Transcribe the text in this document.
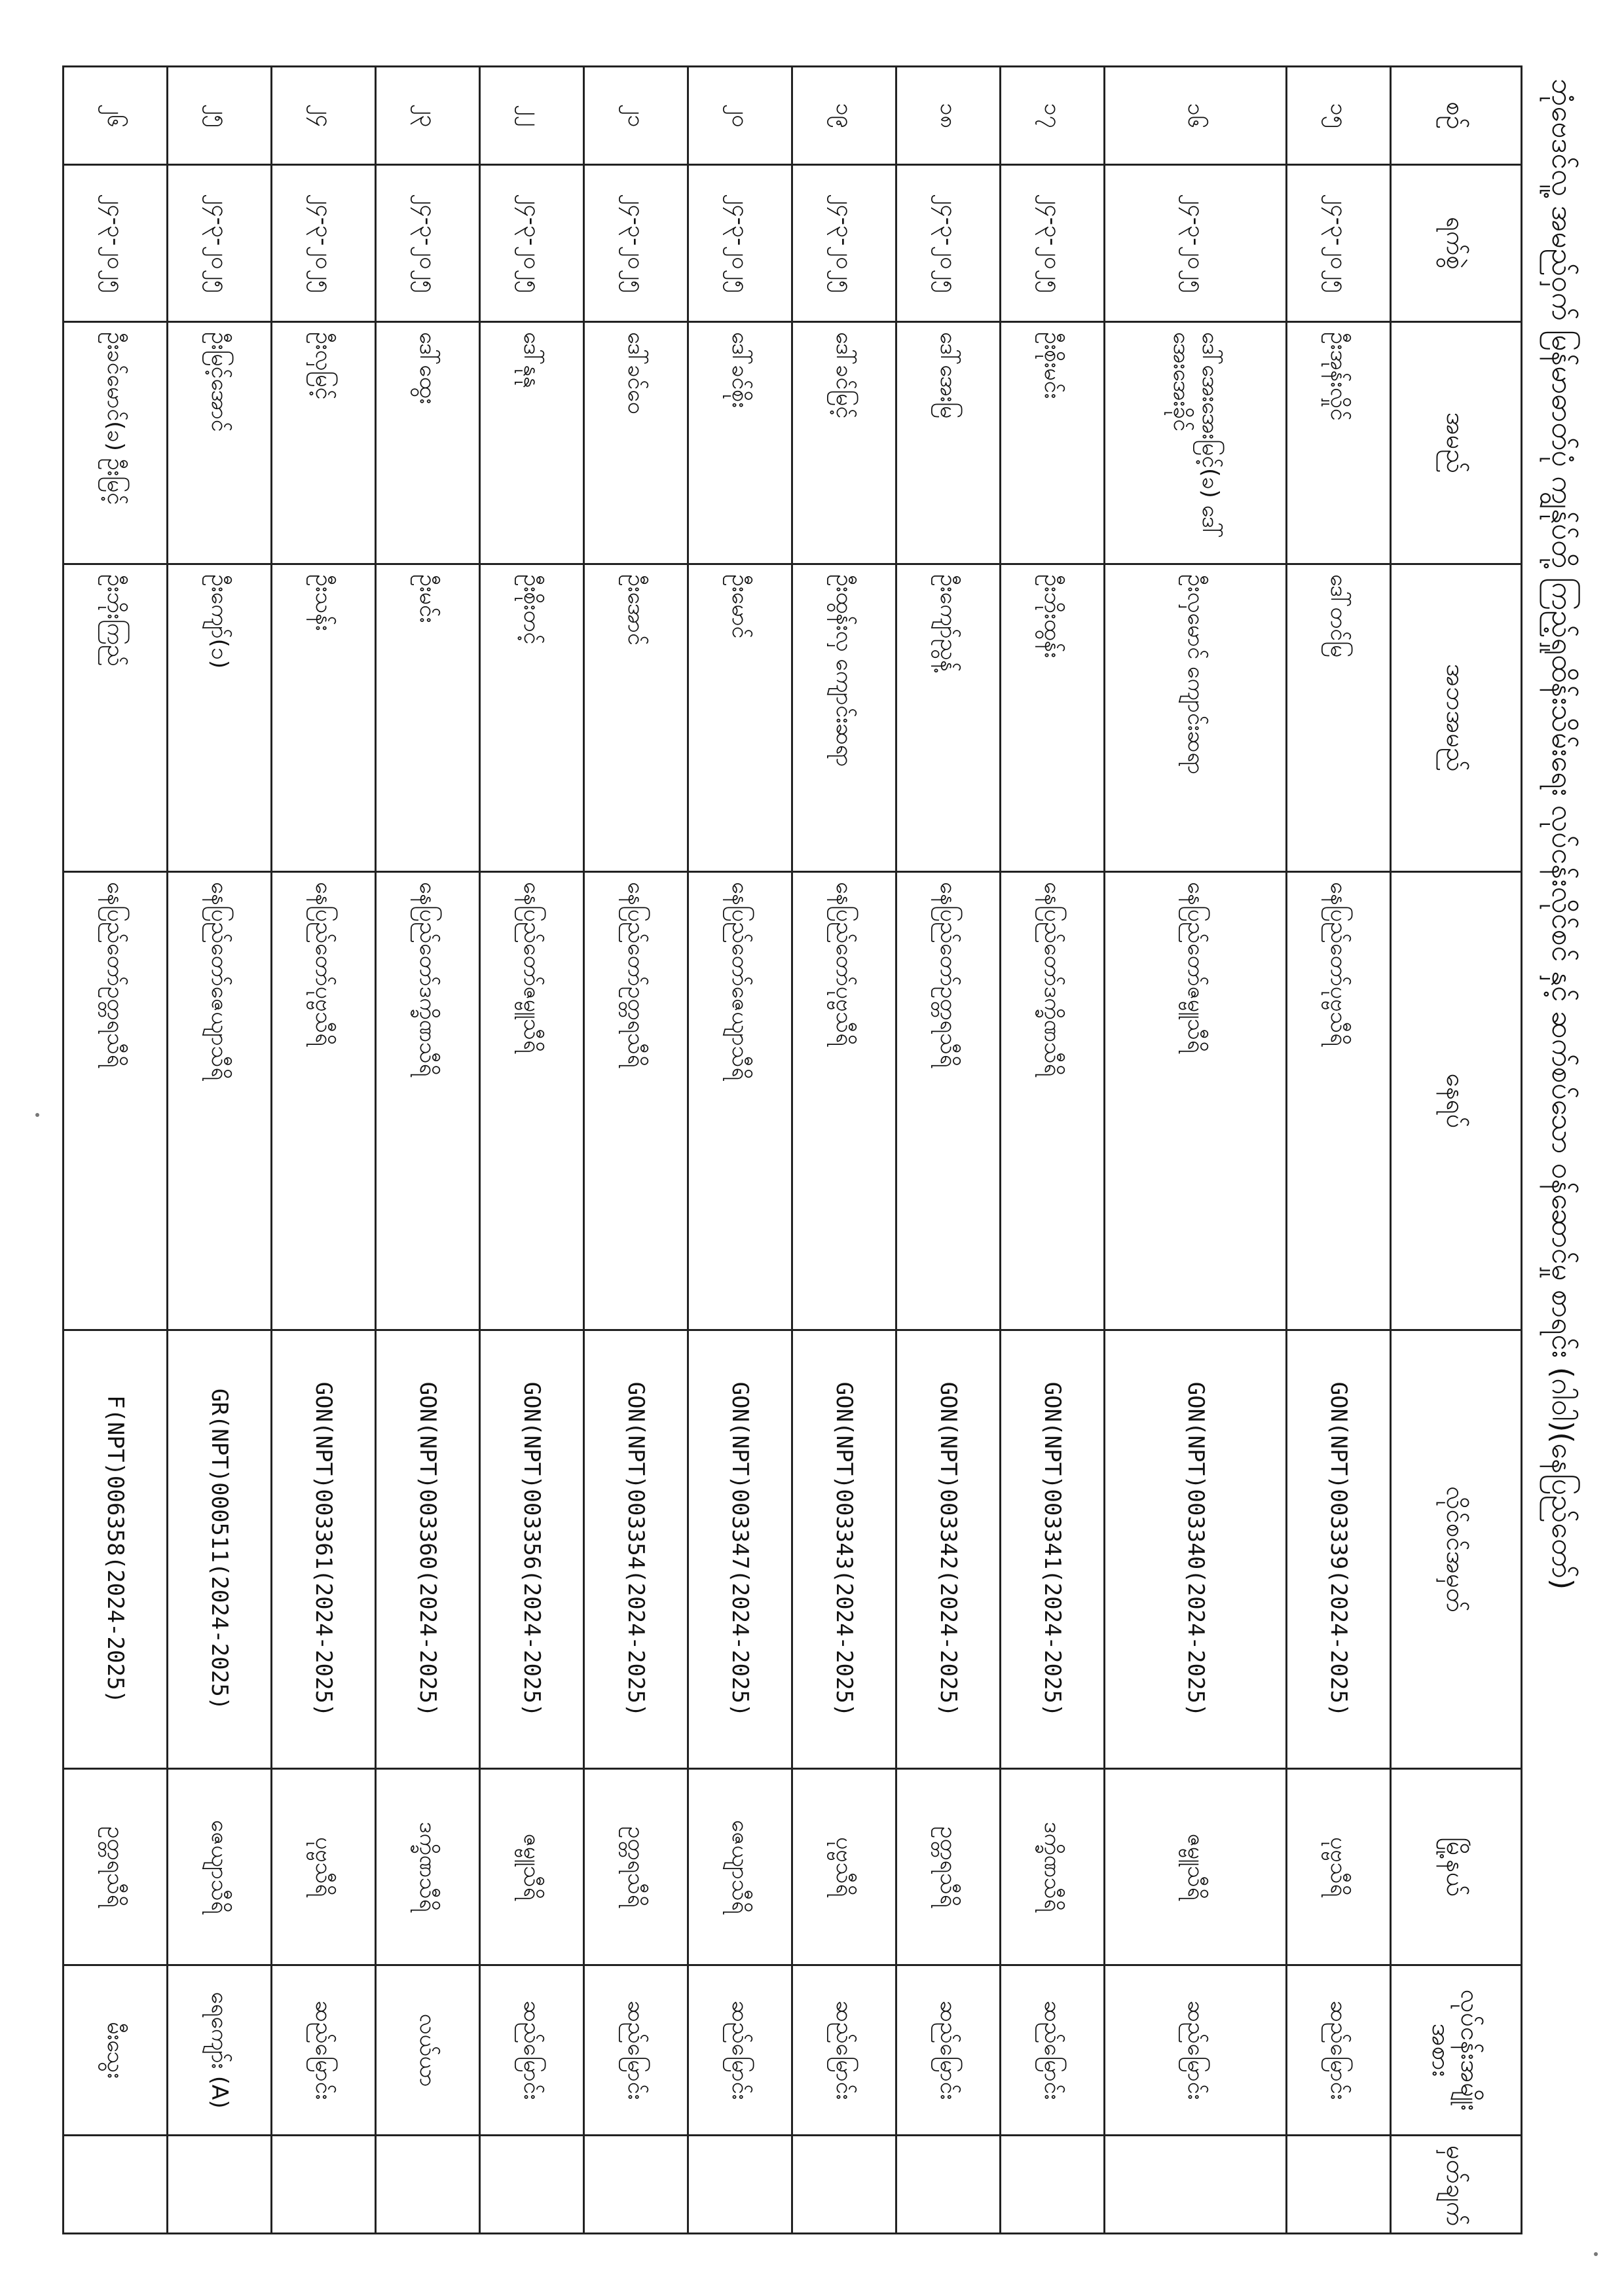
ဘုံဗေဒင်လူ့ အမည်ဝှက် မြန်မာဓာတ်ပုံ ကျွန်ုပ်တို့ ကြည့်ရှုထိန်းသိမ်းရေး လုပ်ငန်းလိုင်စင် နှင့် ဆက်စပ်သော ဝန်ဆောင်မှု စာရင်း (ဂါဝါ)(နေပြည်တော်)
စဉ်	ရက်စွဲ	အမည်	အဘအမည်	နေရပ်	လိုင်စင်အမှတ်	မြို့နယ်	လုပ်ငန်းအမျိုး အစား	မှတ်ချက်
၁၅	၂၄-၃-၂၀၂၅	ဦးအုန်းလှိုင်	ဒေါ်တင်မြ	နေပြည်တော်ပုဗ္ဗသီရိ	GON(NPT)003339(2024-2025)	ပုဗ္ဗသီရိ	ဆည်မြောင်း	
၁၆	၂၄-၃-၂၀၂၅	ဒေါ်အေးအေးမြင့်(ခ) ဒေါ်အေးအေးခိုင်	ဦးလှမောင် ကျောင်းဆရာ	နေပြည်တော်ဇမ္ဗူသီရိ	GON(NPT)003340(2024-2025)	ဇမ္ဗူသီရိ	ဆည်မြောင်း	
၁၇	၂၄-၃-၂၀၂၅	ဦးစိုးမင်း	ဦးဘိုးထွန်း	နေပြည်တော်ဒက္ခိဏသီရိ	GON(NPT)003341(2024-2025)	ဒက္ခိဏသီရိ	ဆည်မြောင်း	
၁၈	၂၄-၃-၂၀၂၅	ဒေါ်အေးမြ	ဦးကျော်ညွန့်	နေပြည်တော်ဥတ္တရသီရိ	GON(NPT)003342(2024-2025)	ဥတ္တရသီရိ	ဆည်မြောင်း	
၁၉	၂၄-၃-၂၀၂၅	ဒေါ်ခင်မြင့်	ဦးထွန်းလှ ကျောင်းဆရာ	နေပြည်တော်ပုဗ္ဗသီရိ	GON(NPT)003343(2024-2025)	ပုဗ္ဗသီရိ	ဆည်မြောင်း	
၂၀	၂၄-၃-၂၀၂၅	ဒေါ်ခင်စိုး	ဦးမောင်	နေပြည်တော်ဇေယျာသီရိ	GON(NPT)003347(2024-2025)	ဇေယျာသီရိ	ဆည်မြောင်း	
၂၁	၂၄-၃-၂၀၂၅	ဒေါ်ခင်ဝေ	ဦးအောင်	နေပြည်တော်ဥတ္တရသီရိ	GON(NPT)003354(2024-2025)	ဥတ္တရသီရိ	ဆည်မြောင်း	
၂၂	၂၄-၃-၂၀၂၅	ဒေါ်နုနု	ဦးစိုးတင့်	နေပြည်တော်ဇမ္ဗူသီရိ	GON(NPT)003356(2024-2025)	ဇမ္ဗူသီရိ	ဆည်မြောင်း	
၂၃	၂၄-၃-၂၀၂၅	ဒေါ်ထွေး	ဦးမင်း	နေပြည်တော်ဒက္ခိဏသီရိ	GON(NPT)003360(2024-2025)	ဒက္ခိဏသီရိ	လယ်ယာ	
၂၄	၂၄-၃-၂၀၂၅	ဦးလှမြင့်	ဦးသန်း	နေပြည်တော်ပုဗ္ဗသီရိ	GON(NPT)003361(2024-2025)	ပုဗ္ဗသီရိ	ဆည်မြောင်း	
၂၅	၂၄-၃-၂၀၂၅	ဦးမြင့်အောင်	ဦးကျော်(၁)	နေပြည်တော်ဇေယျာသီရိ	GR(NPT)000511(2024-2025)	ဇေယျာသီရိ	ရေကျော်း (A)	
၂၆	၂၄-၃-၂၀၂၅	ဦးခင်မောင်(ခ) ဦးမြင့်	ဦးဘိုးကြည်	နေပြည်တော်ဥတ္တရသီရိ	F(NPT)006358(2024-2025)	ဥတ္တရသီရိ	မီးသွေး	
